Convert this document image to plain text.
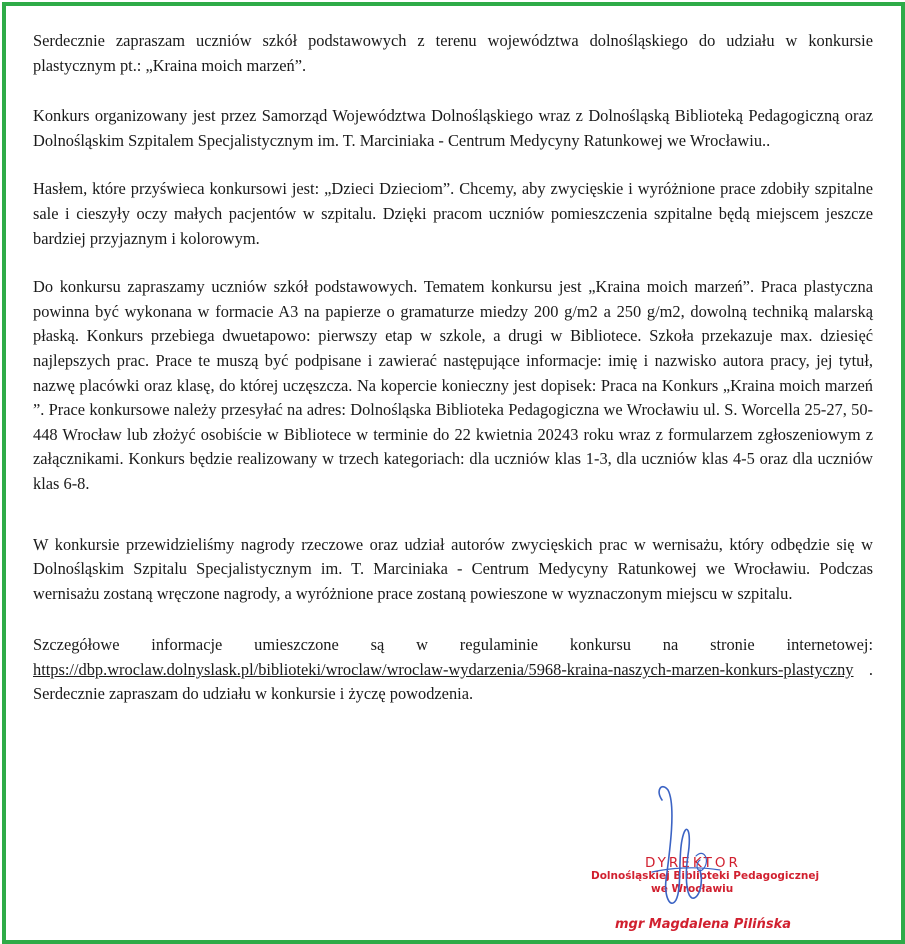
Serdecznie zapraszam uczniów szkół podstawowych z terenu województwa dolnośląskiego do udziału w konkursie plastycznym pt.: „Kraina moich marzeń”.

Konkurs organizowany jest przez Samorząd Województwa Dolnośląskiego wraz z Dolnośląską Biblioteką Pedagogiczną oraz Dolnośląskim Szpitalem Specjalistycznym im. T. Marciniaka - Centrum Medycyny Ratunkowej we Wrocławiu..

Hasłem, które przyświeca konkursowi jest: „Dzieci Dzieciom”. Chcemy, aby zwycięskie i wyróżnione prace zdobiły szpitalne sale i cieszyły oczy małych pacjentów w szpitalu. Dzięki pracom uczniów pomieszczenia szpitalne będą miejscem jeszcze bardziej przyjaznym i kolorowym.

Do konkursu zapraszamy uczniów szkół podstawowych. Tematem konkursu jest „Kraina moich marzeń”. Praca plastyczna powinna być wykonana w formacie A3 na papierze o gramaturze miedzy 200 g/m2 a 250 g/m2, dowolną techniką malarską płaską. Konkurs przebiega dwuetapowo: pierwszy etap w szkole, a drugi w Bibliotece. Szkoła przekazuje max. dziesięć najlepszych prac. Prace te muszą być podpisane i zawierać następujące informacje: imię i nazwisko autora pracy, jej tytuł, nazwę placówki oraz klasę, do której uczęszcza. Na kopercie konieczny jest dopisek: Praca na Konkurs „Kraina moich marzeń ”. Prace konkursowe należy przesyłać na adres: Dolnośląska Biblioteka Pedagogiczna we Wrocławiu ul. S. Worcella 25-27, 50-448 Wrocław lub złożyć osobiście w Bibliotece w terminie do 22 kwietnia 20243 roku wraz z formularzem zgłoszeniowym z załącznikami. Konkurs będzie realizowany w trzech kategoriach: dla uczniów klas 1-3, dla uczniów klas 4-5 oraz dla uczniów klas 6-8.

W konkursie przewidzieliśmy nagrody rzeczowe oraz udział autorów zwycięskich prac w wernisażu, który odbędzie się w Dolnośląskim Szpitalu Specjalistycznym im. T. Marciniaka - Centrum Medycyny Ratunkowej we Wrocławiu. Podczas wernisażu zostaną wręczone nagrody, a wyróżnione prace zostaną powieszone w wyznaczonym miejscu w szpitalu.

Szczegółowe informacje umieszczone są w regulaminie konkursu na stronie internetowej: https://dbp.wroclaw.dolnyslask.pl/biblioteki/wroclaw/wroclaw-wydarzenia/5968-kraina-naszych-marzen-konkurs-plastyczny . Serdecznie zapraszam do udziału w konkursie i życzę powodzenia.

DYREKTOR
Dolnośląskiej Biblioteki Pedagogicznej
we Wrocławiu
mgr Magdalena Pilińska
